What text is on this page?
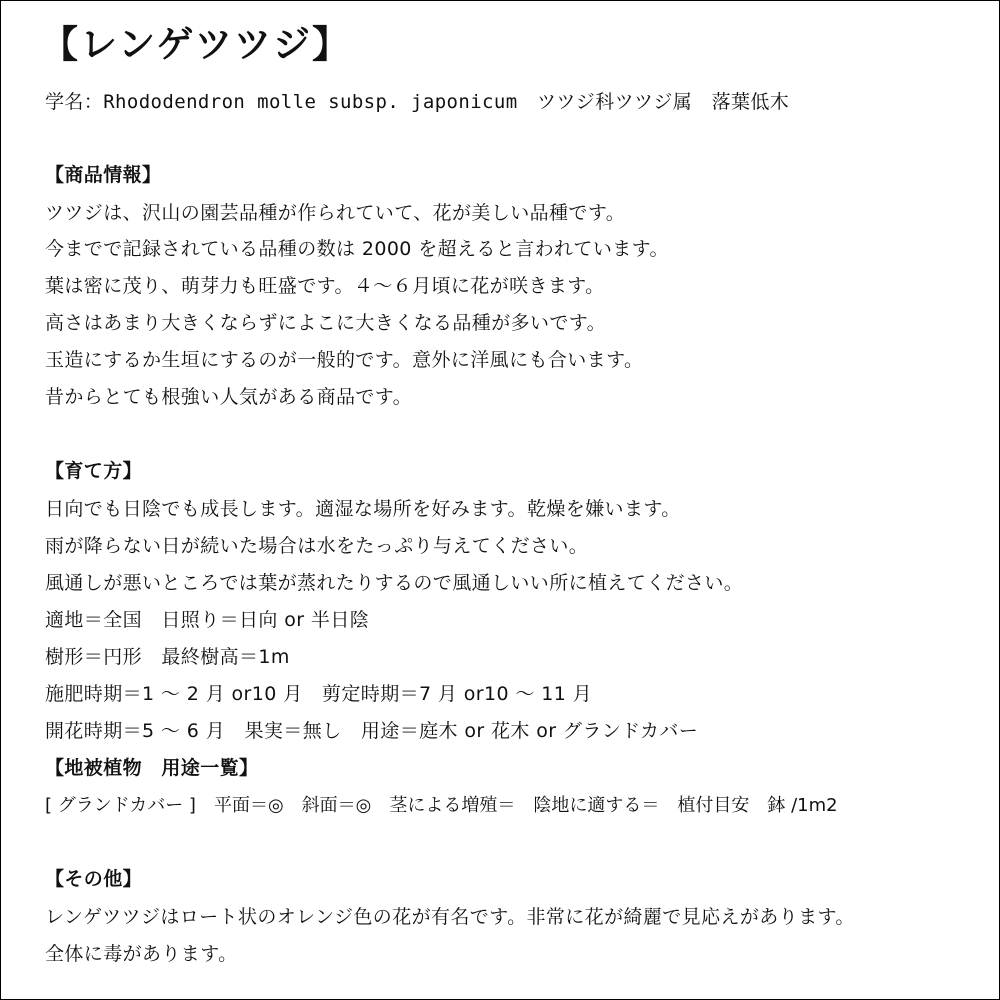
【レンゲツツジ】
学名：Rhododendron molle subsp. japonicum　ツツジ科ツツジ属　落葉低木
【商品情報】
ツツジは、沢山の園芸品種が作られていて、花が美しい品種です。
今までで記録されている品種の数は 2000 を超えると言われています。
葉は密に茂り、萌芽力も旺盛です。４～６月頃に花が咲きます。
高さはあまり大きくならずによこに大きくなる品種が多いです。
玉造にするか生垣にするのが一般的です。意外に洋風にも合います。
昔からとても根強い人気がある商品です。
【育て方】
日向でも日陰でも成長します。適湿な場所を好みます。乾燥を嫌います。
雨が降らない日が続いた場合は水をたっぷり与えてください。
風通しが悪いところでは葉が蒸れたりするので風通しいい所に植えてください。
適地＝全国　日照り＝日向 or 半日陰
樹形＝円形　最終樹高＝1m
施肥時期＝1 ～ 2 月 or10 月　剪定時期＝7 月 or10 ～ 11 月
開花時期＝5 ～ 6 月　果実＝無し　用途＝庭木 or 花木 or グランドカバー
【地被植物　用途一覧】
[ グランドカバー ]　平面＝◎　斜面＝◎　茎による増殖＝　陰地に適する＝　植付目安　鉢 /1m2
【その他】
レンゲツツジはロート状のオレンジ色の花が有名です。非常に花が綺麗で見応えがあります。
全体に毒があります。
